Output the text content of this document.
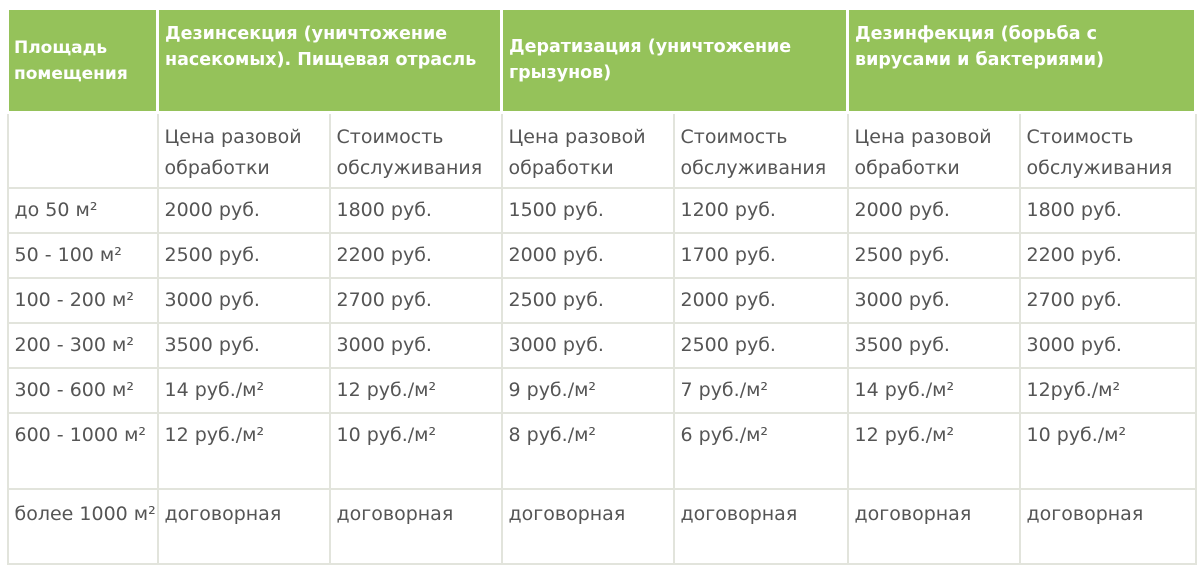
Площадь помещения	Дезинсекция (уничтожение насекомых). Пищевая отрасль		Дератизация (уничтожение грызунов)		Дезинфекция (борьба с вирусами и бактериями)	
	Цена разовой обработки	Стоимость обслуживания	Цена разовой обработки	Стоимость обслуживания	Цена разовой обработки	Стоимость обслуживания
до 50 м²	2000 руб.	1800 руб.	1500 руб.	1200 руб.	2000 руб.	1800 руб.
50 - 100 м²	2500 руб.	2200 руб.	2000 руб.	1700 руб.	2500 руб.	2200 руб.
100 - 200 м²	3000 руб.	2700 руб.	2500 руб.	2000 руб.	3000 руб.	2700 руб.
200 - 300 м²	3500 руб.	3000 руб.	3000 руб.	2500 руб.	3500 руб.	3000 руб.
300 - 600 м²	14 руб./м²	12 руб./м²	9 руб./м²	7 руб./м²	14 руб./м²	12руб./м²
600 - 1000 м²	12 руб./м²	10 руб./м²	8 руб./м²	6 руб./м²	12 руб./м²	10 руб./м²
более 1000 м²	договорная	договорная	договорная	договорная	договорная	договорная
